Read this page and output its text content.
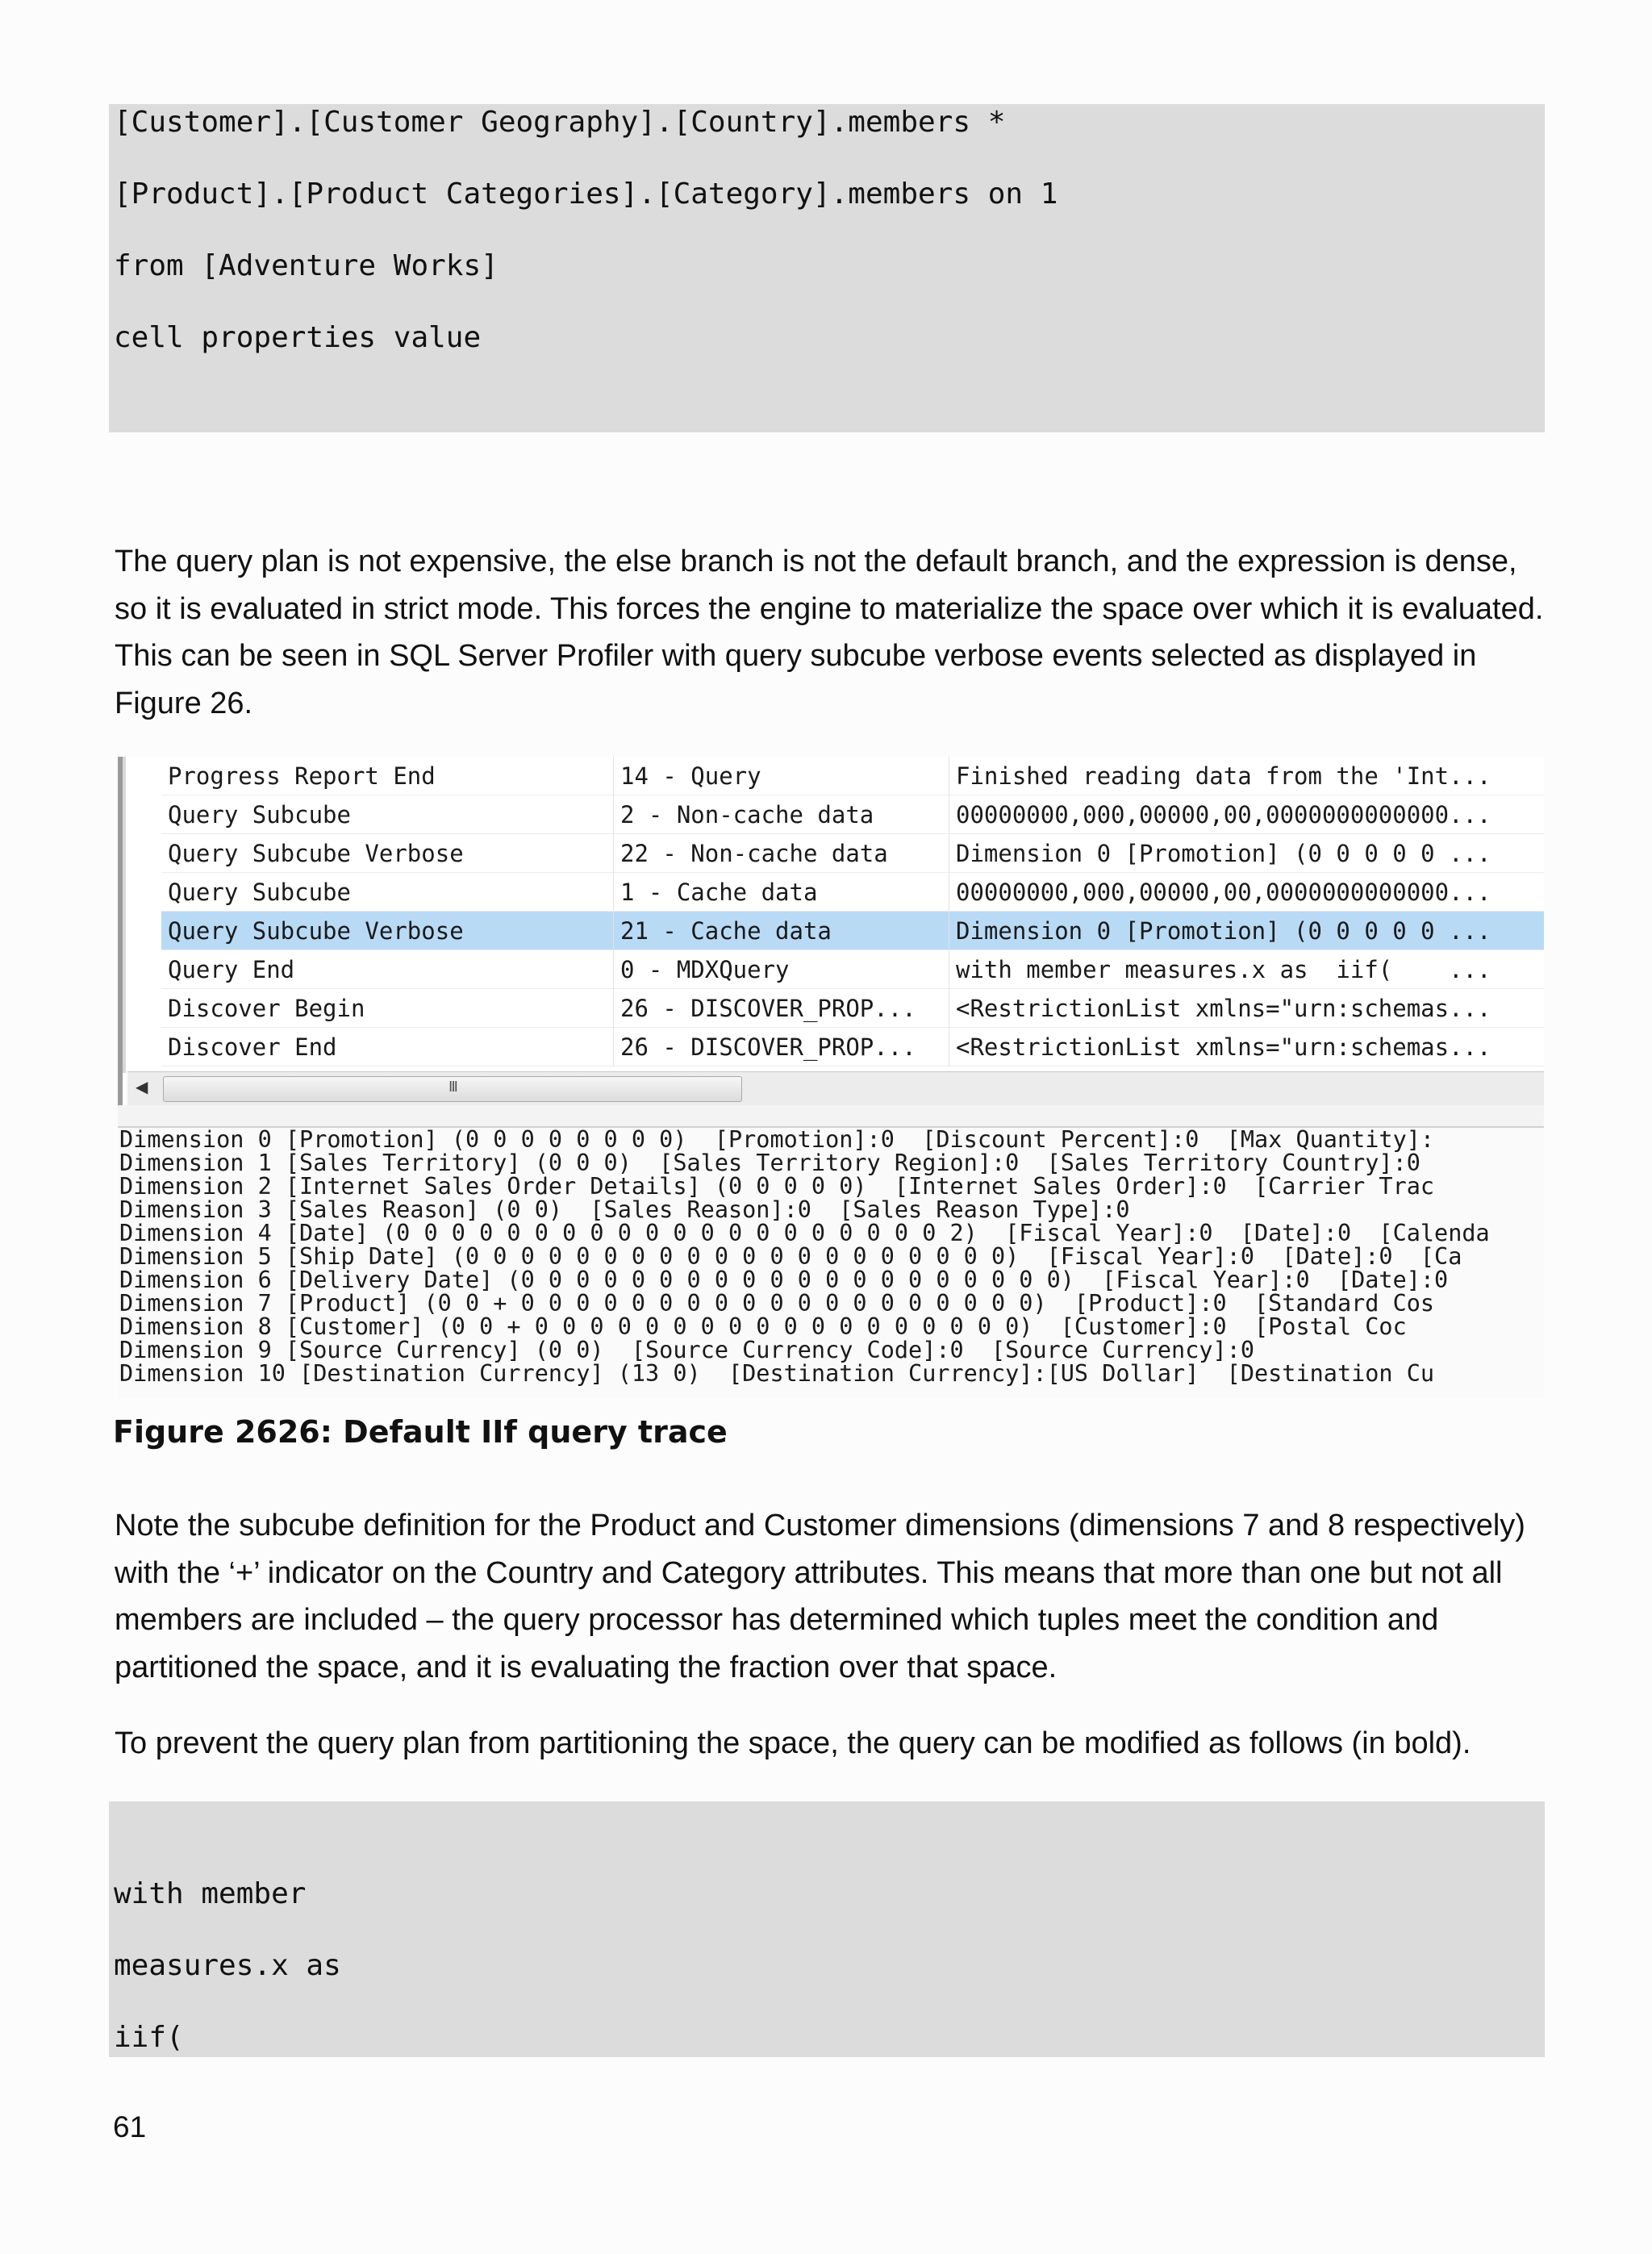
[Customer].[Customer Geography].[Country].members *
[Product].[Product Categories].[Category].members on 1
from [Adventure Works]
cell properties value

The query plan is not expensive, the else branch is not the default branch, and the expression is dense, so it is evaluated in strict mode. This forces the engine to materialize the space over which it is evaluated. This can be seen in SQL Server Profiler with query subcube verbose events selected as displayed in Figure 26.

Progress Report End

	14 - Query

	Finished reading data from the 'Int...

Query Subcube

	2 - Non-cache data

	00000000,000,00000,00,0000000000000...

Query Subcube Verbose

	22 - Non-cache data

	Dimension 0 [Promotion] (0 0 0 0 0 ...

Query Subcube

	1 - Cache data

	00000000,000,00000,00,0000000000000...

Query Subcube Verbose

	21 - Cache data

	Dimension 0 [Promotion] (0 0 0 0 0 ...

Query End

	0 - MDXQuery

	with member measures.x as  iif(    ...

Discover Begin

	26 - DISCOVER_PROP...

	<RestrictionList xmlns="urn:schemas...

Discover End

	26 - DISCOVER_PROP...

	<RestrictionList xmlns="urn:schemas...

◀	III
Dimension 0 [Promotion] (0 0 0 0 0 0 0 0)  [Promotion]:0  [Discount Percent]:0  [Max Quantity]:
Dimension 1 [Sales Territory] (0 0 0)  [Sales Territory Region]:0  [Sales Territory Country]:0
Dimension 2 [Internet Sales Order Details] (0 0 0 0 0)  [Internet Sales Order]:0  [Carrier Trac
Dimension 3 [Sales Reason] (0 0)  [Sales Reason]:0  [Sales Reason Type]:0
Dimension 4 [Date] (0 0 0 0 0 0 0 0 0 0 0 0 0 0 0 0 0 0 0 0 2)  [Fiscal Year]:0  [Date]:0  [Calenda
Dimension 5 [Ship Date] (0 0 0 0 0 0 0 0 0 0 0 0 0 0 0 0 0 0 0 0)  [Fiscal Year]:0  [Date]:0  [Ca
Dimension 6 [Delivery Date] (0 0 0 0 0 0 0 0 0 0 0 0 0 0 0 0 0 0 0 0)  [Fiscal Year]:0  [Date]:0
Dimension 7 [Product] (0 0 + 0 0 0 0 0 0 0 0 0 0 0 0 0 0 0 0 0 0 0)  [Product]:0  [Standard Cos
Dimension 8 [Customer] (0 0 + 0 0 0 0 0 0 0 0 0 0 0 0 0 0 0 0 0 0)  [Customer]:0  [Postal Coc
Dimension 9 [Source Currency] (0 0)  [Source Currency Code]:0  [Source Currency]:0
Dimension 10 [Destination Currency] (13 0)  [Destination Currency]:[US Dollar]  [Destination Cu
Figure 2626: Default IIf query trace

Note the subcube definition for the Product and Customer dimensions (dimensions 7 and 8 respectively) with the ‘+’ indicator on the Country and Category attributes. This means that more than one but not all members are included – the query processor has determined which tuples meet the condition and partitioned the space, and it is evaluating the fraction over that space.

To prevent the query plan from partitioning the space, the query can be modified as follows (in bold).

with member
measures.x as
iif(
61
